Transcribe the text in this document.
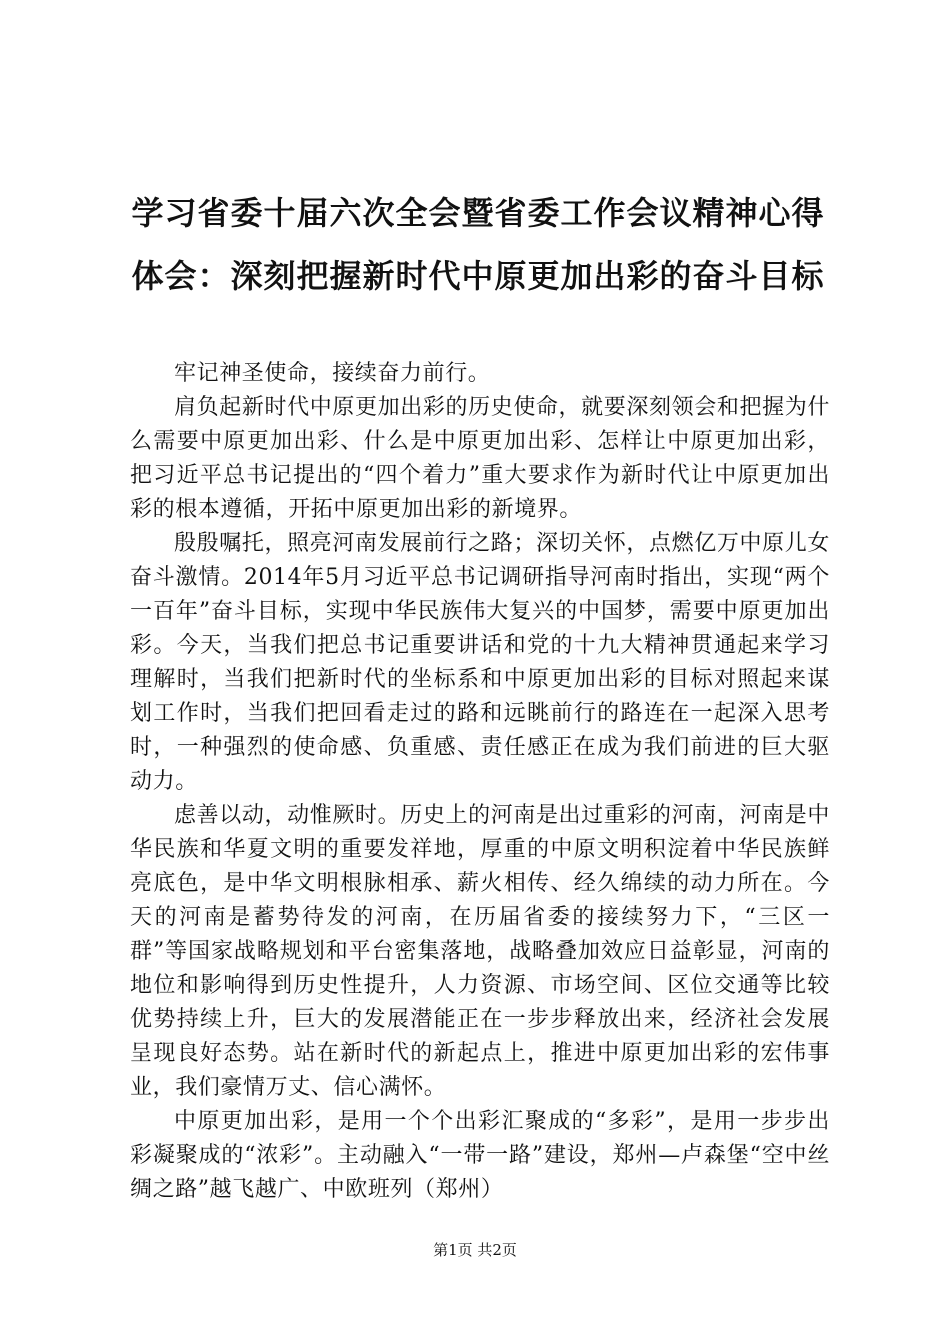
学习省委十届六次全会暨省委工作会议精神心得体会：深刻把握新时代中原更加出彩的奋斗目标

牢记神圣使命，接续奋力前行。

肩负起新时代中原更加出彩的历史使命，就要深刻领会和把握为什么需要中原更加出彩、什么是中原更加出彩、怎样让中原更加出彩，把习近平总书记提出的“四个着力”重大要求作为新时代让中原更加出彩的根本遵循，开拓中原更加出彩的新境界。

殷殷嘱托，照亮河南发展前行之路；深切关怀，点燃亿万中原儿女奋斗激情。2014年5月习近平总书记调研指导河南时指出，实现“两个一百年”奋斗目标，实现中华民族伟大复兴的中国梦，需要中原更加出彩。今天，当我们把总书记重要讲话和党的十九大精神贯通起来学习理解时，当我们把新时代的坐标系和中原更加出彩的目标对照起来谋划工作时，当我们把回看走过的路和远眺前行的路连在一起深入思考时，一种强烈的使命感、负重感、责任感正在成为我们前进的巨大驱动力。

虑善以动，动惟厥时。历史上的河南是出过重彩的河南，河南是中华民族和华夏文明的重要发祥地，厚重的中原文明积淀着中华民族鲜亮底色，是中华文明根脉相承、薪火相传、经久绵续的动力所在。今天的河南是蓄势待发的河南，在历届省委的接续努力下，“三区一群”等国家战略规划和平台密集落地，战略叠加效应日益彰显，河南的地位和影响得到历史性提升，人力资源、市场空间、区位交通等比较优势持续上升，巨大的发展潜能正在一步步释放出来，经济社会发展呈现良好态势。站在新时代的新起点上，推进中原更加出彩的宏伟事业，我们豪情万丈、信心满怀。

中原更加出彩，是用一个个出彩汇聚成的“多彩”，是用一步步出彩凝聚成的“浓彩”。主动融入“一带一路”建设，郑州—卢森堡“空中丝绸之路”越飞越广、中欧班列（郑州）

第1页 共2页
